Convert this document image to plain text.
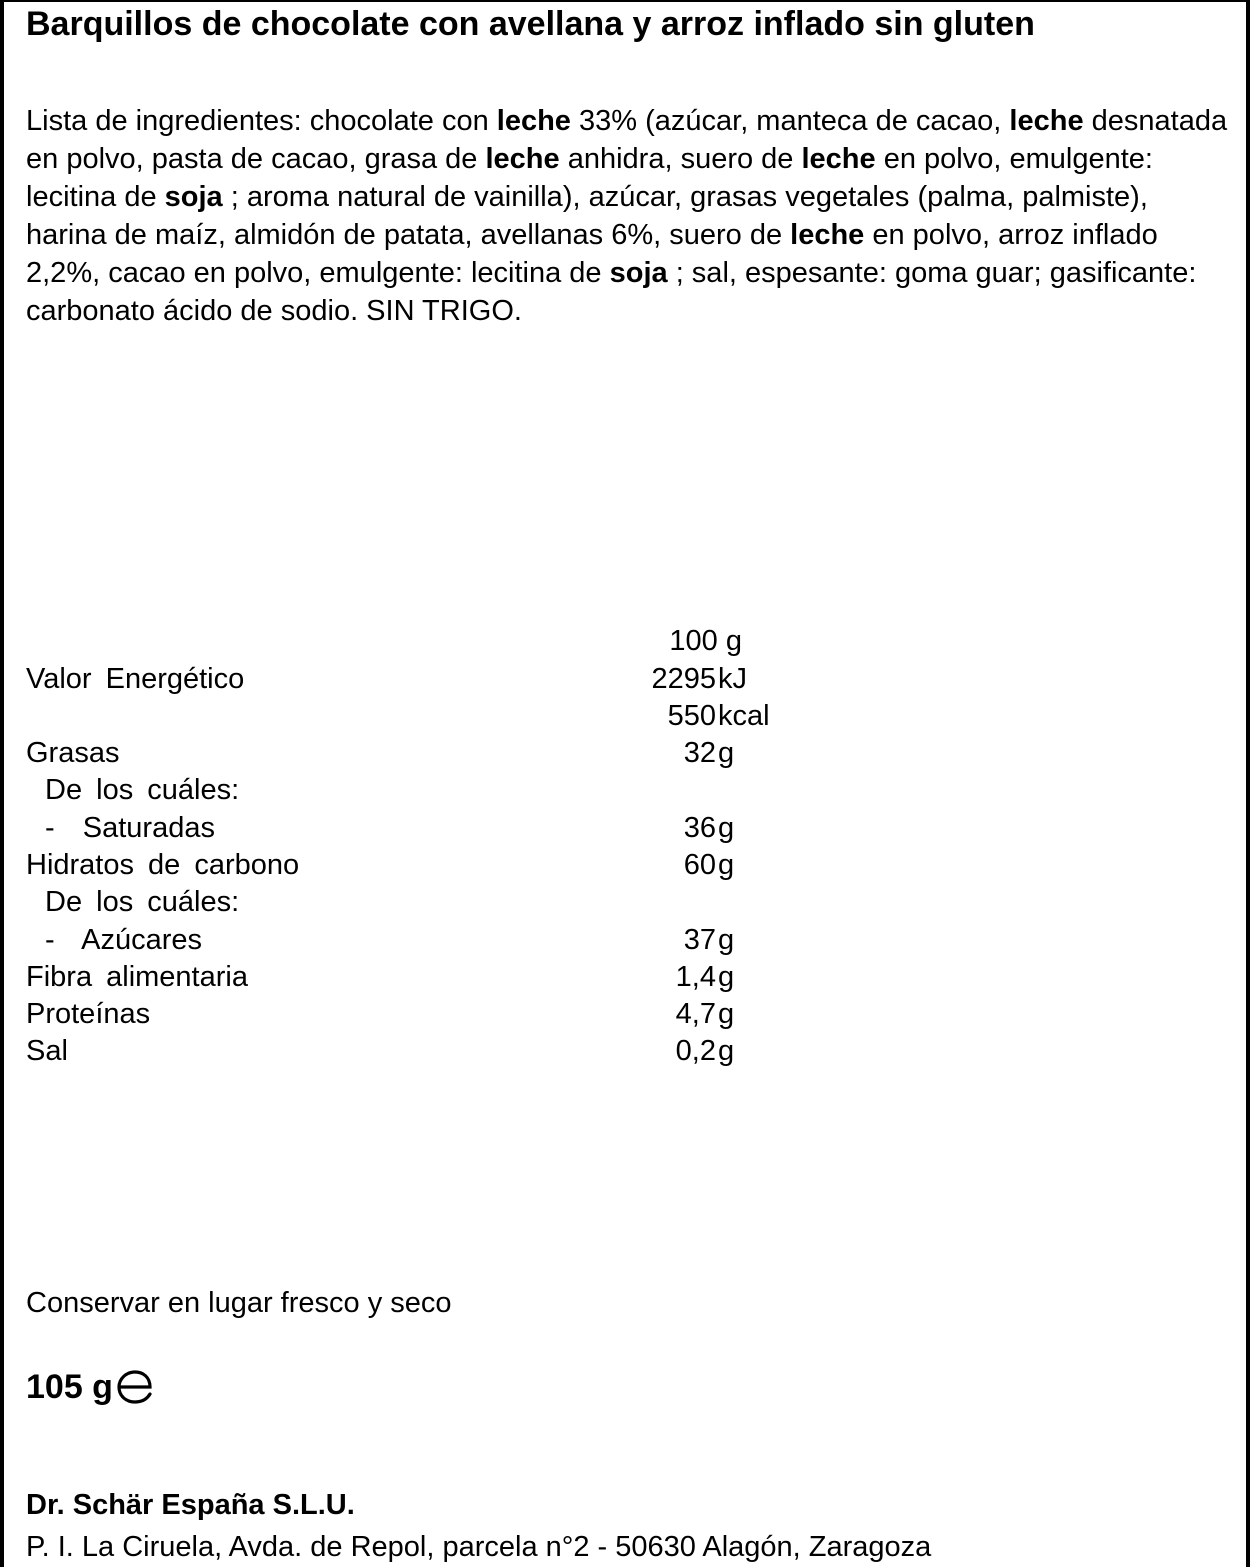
Barquillos de chocolate con avellana y arroz inflado sin gluten

Lista de ingredientes: chocolate con leche 33% (azúcar, manteca de cacao, leche desnatada en polvo, pasta de cacao, grasa de leche anhidra, suero de leche en polvo, emulgente: lecitina de soja ; aroma natural de vainilla), azúcar, grasas vegetales (palma, palmiste), harina de maíz, almidón de patata, avellanas 6%, suero de leche en polvo, arroz inflado 2,2%, cacao en polvo, emulgente: lecitina de soja ; sal, espesante: goma guar; gasificante: carbonato ácido de sodio. SIN TRIGO.

100 g
Valor Energético	2295 kJ
550 kcal
Grasas	32 g
De los cuáles:
-  Saturadas	36 g
Hidratos de carbono	60 g
De los cuáles:
-  Azúcares	37 g
Fibra alimentaria	1,4 g
Proteínas	4,7 g
Sal	0,2 g

Conservar en lugar fresco y seco

105 g

Dr. Schär España S.L.U.

P. I. La Ciruela, Avda. de Repol, parcela n°2 - 50630 Alagón, Zaragoza
